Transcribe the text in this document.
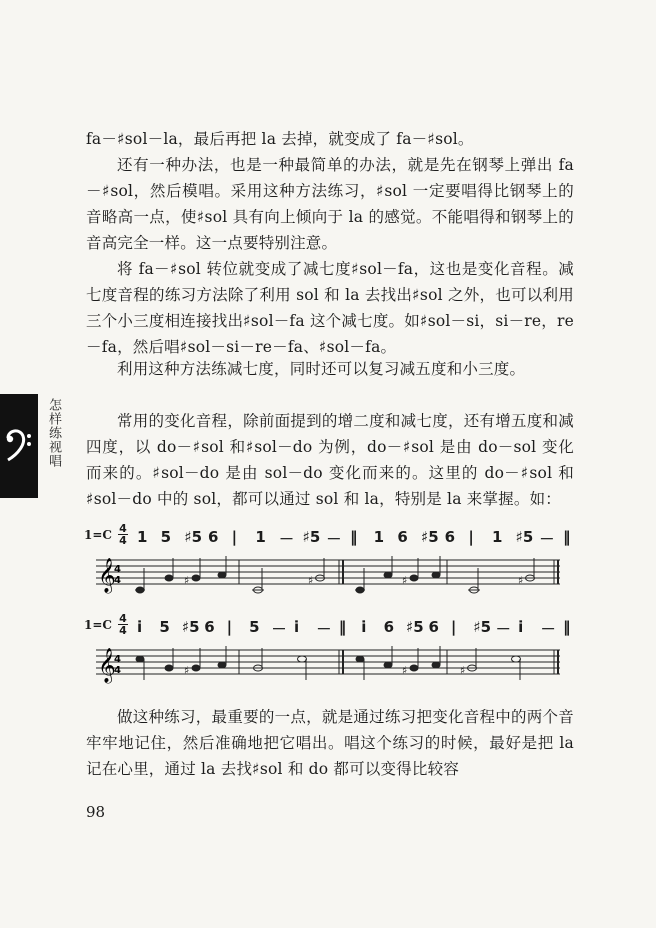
fa－♯sol－la，最后再把 la 去掉，就变成了 fa－♯sol。

还有一种办法，也是一种最简单的办法，就是先在钢琴上弹出 fa－♯sol，然后模唱。采用这种方法练习，♯sol 一定要唱得比钢琴上的音略高一点，使♯sol 具有向上倾向于 la 的感觉。不能唱得和钢琴上的音高完全一样。这一点要特别注意。

将 fa－♯sol 转位就变成了减七度♯sol－fa，这也是变化音程。减七度音程的练习方法除了利用 sol 和 la 去找出♯sol 之外，也可以利用三个小三度相连接找出♯sol－fa 这个减七度。如♯sol－si，si－re，re－fa，然后唱♯sol－si－re－fa、♯sol－fa。

利用这种方法练减七度，同时还可以复习减五度和小三度。

常用的变化音程，除前面提到的增二度和减七度，还有增五度和减四度，以 do－♯sol 和♯sol－do 为例，do－♯sol 是由 do－sol 变化而来的。♯sol－do 是由 sol－do 变化而来的。这里的 do－♯sol 和♯sol－do 中的 sol，都可以通过 sol 和 la，特别是 la 来掌握。如：

怎样练视唱
1=C 4
4 1 5 ♯5 6 | 1 － ♯5 － ‖ 1 6 ♯5 6 | 1 ♯5 － ‖
𝄞
4
4	♯	♯	♯	♯
1=C 4
4 i̇ 5 ♯5 6 | 5 － i̇ － ‖ i̇ 6 ♯5 6 | ♯5 － i̇ － ‖
𝄞
4
4	♯	♯	♯

做这种练习，最重要的一点，就是通过练习把变化音程中的两个音牢牢地记住，然后准确地把它唱出。唱这个练习的时候，最好是把 la 记在心里，通过 la 去找♯sol 和 do 都可以变得比较容

98
